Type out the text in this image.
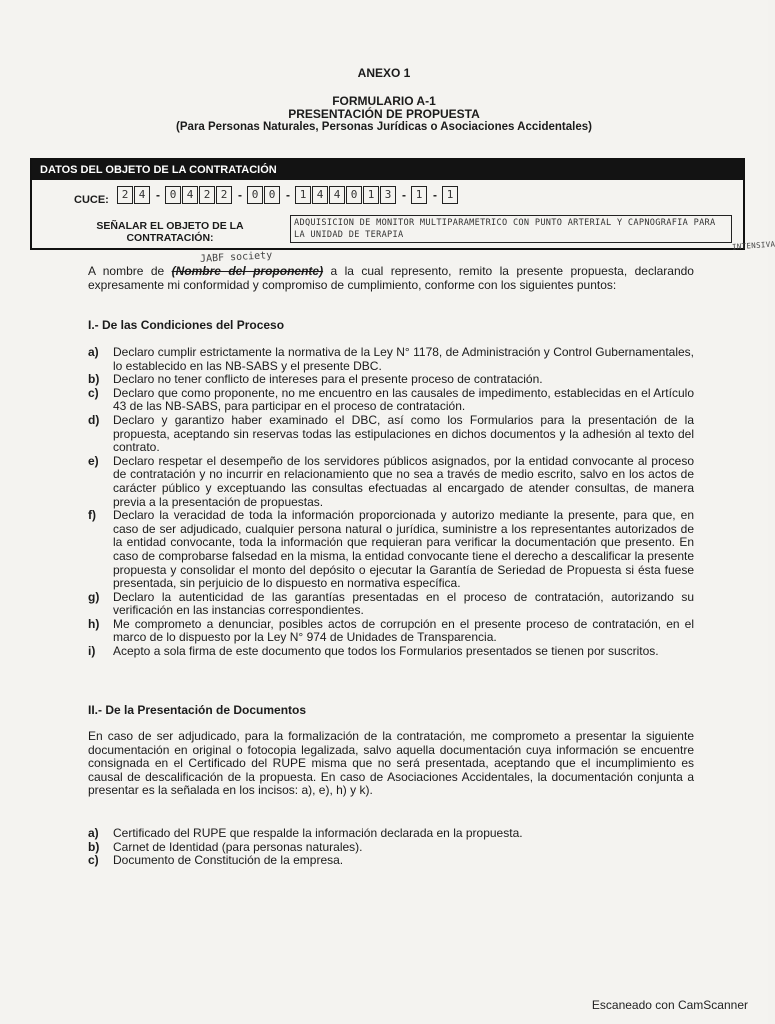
ANEXO 1
FORMULARIO A-1
PRESENTACIÓN DE PROPUESTA
(Para Personas Naturales, Personas Jurídicas o Asociaciones Accidentales)
DATOS DEL OBJETO DE LA CONTRATACIÓN
CUCE:	2 4 - 0 4 2 2 - 0 0 - 1 4 4 0 1 3 - 1 - 1
SEÑALAR EL OBJETO DE LA CONTRATACIÓN:
ADQUISICION DE MONITOR MULTIPARAMETRICO CON PUNTO ARTERIAL Y CAPNOGRAFIA PARA LA UNIDAD DE TERAPIA
INTENSIVA
JABF society
A nombre de (Nombre del proponente) a la cual represento, remito la presente propuesta, declarando expresamente mi conformidad y compromiso de cumplimiento, conforme con los siguientes puntos:
I.- De las Condiciones del Proceso
a)	Declaro cumplir estrictamente la normativa de la Ley N° 1178, de Administración y Control Gubernamentales, lo establecido en las NB-SABS y el presente DBC.
b)	Declaro no tener conflicto de intereses para el presente proceso de contratación.
c)	Declaro que como proponente, no me encuentro en las causales de impedimento, establecidas en el Artículo 43 de las NB-SABS, para participar en el proceso de contratación.
d)	Declaro y garantizo haber examinado el DBC, así como los Formularios para la presentación de la propuesta, aceptando sin reservas todas las estipulaciones en dichos documentos y la adhesión al texto del contrato.
e)	Declaro respetar el desempeño de los servidores públicos asignados, por la entidad convocante al proceso de contratación y no incurrir en relacionamiento que no sea a través de medio escrito, salvo en los actos de carácter público y exceptuando las consultas efectuadas al encargado de atender consultas, de manera previa a la presentación de propuestas.
f)	Declaro la veracidad de toda la información proporcionada y autorizo mediante la presente, para que, en caso de ser adjudicado, cualquier persona natural o jurídica, suministre a los representantes autorizados de la entidad convocante, toda la información que requieran para verificar la documentación que presento. En caso de comprobarse falsedad en la misma, la entidad convocante tiene el derecho a descalificar la presente propuesta y consolidar el monto del depósito o ejecutar la Garantía de Seriedad de Propuesta si ésta fuese presentada, sin perjuicio de lo dispuesto en normativa específica.
g)	Declaro la autenticidad de las garantías presentadas en el proceso de contratación, autorizando su verificación en las instancias correspondientes.
h)	Me comprometo a denunciar, posibles actos de corrupción en el presente proceso de contratación, en el marco de lo dispuesto por la Ley N° 974 de Unidades de Transparencia.
i)	Acepto a sola firma de este documento que todos los Formularios presentados se tienen por suscritos.
II.- De la Presentación de Documentos
En caso de ser adjudicado, para la formalización de la contratación, me comprometo a presentar la siguiente documentación en original o fotocopia legalizada, salvo aquella documentación cuya información se encuentre consignada en el Certificado del RUPE misma que no será presentada, aceptando que el incumplimiento es causal de descalificación de la propuesta. En caso de Asociaciones Accidentales, la documentación conjunta a presentar es la señalada en los incisos: a), e), h) y k).
a)	Certificado del RUPE que respalde la información declarada en la propuesta.
b)	Carnet de Identidad (para personas naturales).
c)	Documento de Constitución de la empresa.
Escaneado con CamScanner
